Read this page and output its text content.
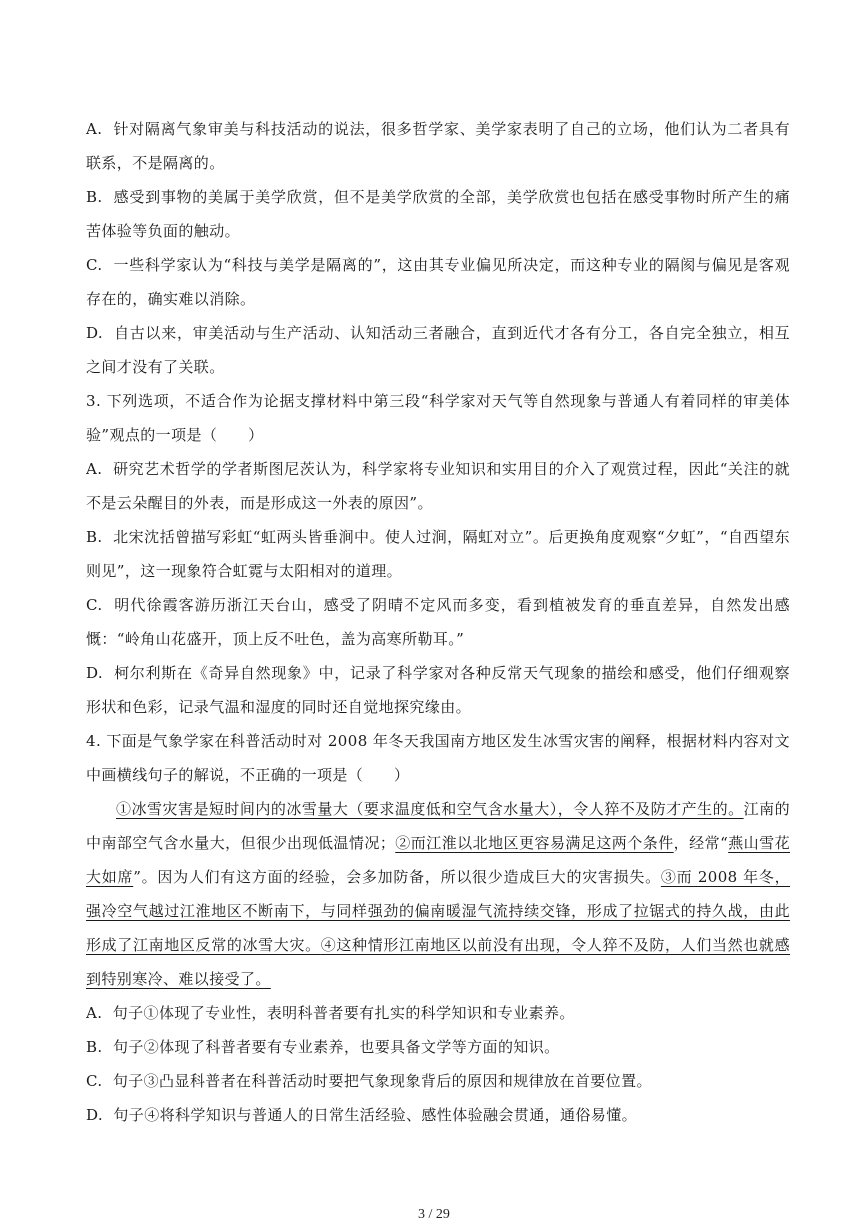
A. 针对隔离气象审美与科技活动的说法，很多哲学家、美学家表明了自己的立场，他们认为二者具有联系，不是隔离的。

B. 感受到事物的美属于美学欣赏，但不是美学欣赏的全部，美学欣赏也包括在感受事物时所产生的痛苦体验等负面的触动。

C. 一些科学家认为“科技与美学是隔离的”，这由其专业偏见所决定，而这种专业的隔阂与偏见是客观存在的，确实难以消除。

D. 自古以来，审美活动与生产活动、认知活动三者融合，直到近代才各有分工，各自完全独立，相互之间才没有了关联。

3. 下列选项，不适合作为论据支撑材料中第三段“科学家对天气等自然现象与普通人有着同样的审美体验”观点的一项是（　　）

A. 研究艺术哲学的学者斯图尼茨认为，科学家将专业知识和实用目的介入了观赏过程，因此“关注的就不是云朵醒目的外表，而是形成这一外表的原因”。

B. 北宋沈括曾描写彩虹“虹两头皆垂涧中。使人过涧，隔虹对立”。后更换角度观察“夕虹”，“自西望东则见”，这一现象符合虹霓与太阳相对的道理。

C. 明代徐霞客游历浙江天台山，感受了阴晴不定风而多变，看到植被发育的垂直差异，自然发出感慨：“岭角山花盛开，顶上反不吐色，盖为高寒所勒耳。”

D. 柯尔利斯在《奇异自然现象》中，记录了科学家对各种反常天气现象的描绘和感受，他们仔细观察形状和色彩，记录气温和湿度的同时还自觉地探究缘由。

4. 下面是气象学家在科普活动时对 2008 年冬天我国南方地区发生冰雪灾害的阐释，根据材料内容对文中画横线句子的解说，不正确的一项是（　　）

①冰雪灾害是短时间内的冰雪量大（要求温度低和空气含水量大），令人猝不及防才产生的。江南的中南部空气含水量大，但很少出现低温情况；②而江淮以北地区更容易满足这两个条件，经常“燕山雪花大如席”。因为人们有这方面的经验，会多加防备，所以很少造成巨大的灾害损失。③而 2008 年冬，强冷空气越过江淮地区不断南下，与同样强劲的偏南暖湿气流持续交锋，形成了拉锯式的持久战，由此形成了江南地区反常的冰雪大灾。④这种情形江南地区以前没有出现，令人猝不及防，人们当然也就感到特别寒冷、难以接受了。

A. 句子①体现了专业性，表明科普者要有扎实的科学知识和专业素养。

B. 句子②体现了科普者要有专业素养，也要具备文学等方面的知识。

C. 句子③凸显科普者在科普活动时要把气象现象背后的原因和规律放在首要位置。

D. 句子④将科学知识与普通人的日常生活经验、感性体验融会贯通，通俗易懂。

3 / 29
